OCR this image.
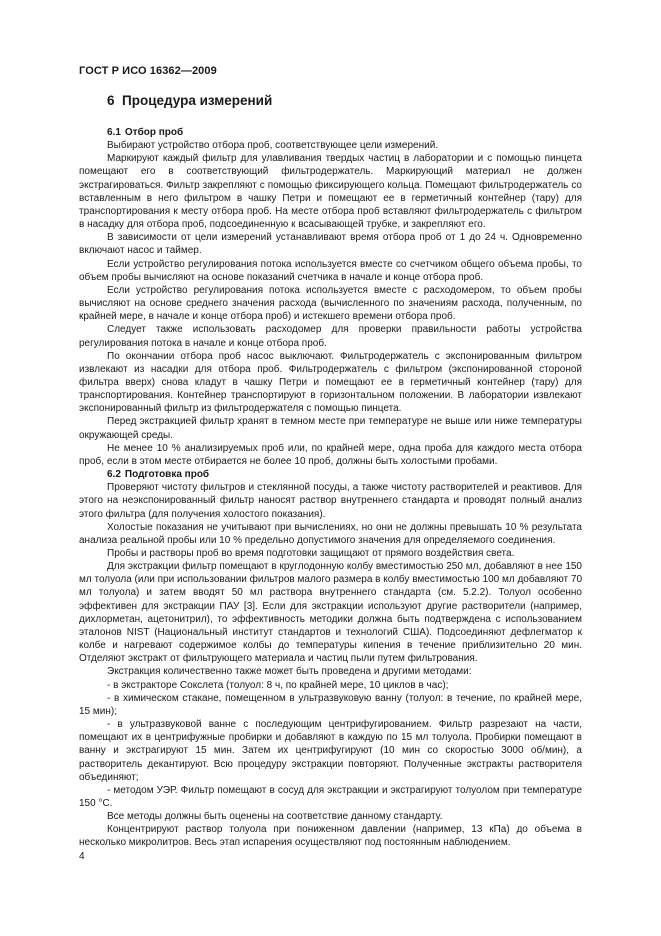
ГОСТ Р ИСО 16362—2009
6 Процедура измерений

6.1 Отбор проб

Выбирают устройство отбора проб, соответствующее цели измерений.

Маркируют каждый фильтр для улавливания твердых частиц в лаборатории и с помощью пинцета помещают его в соответствующий фильтродержатель. Маркирующий материал не должен экстрагироваться. Фильтр закрепляют с помощью фиксирующего кольца. Помещают фильтродержатель со вставленным в него фильтром в чашку Петри и помещают ее в герметичный контейнер (тару) для транспортирования к месту отбора проб. На месте отбора проб вставляют фильтродержатель с фильтром в насадку для отбора проб, подсоединенную к всасывающей трубке, и закрепляют его.

В зависимости от цели измерений устанавливают время отбора проб от 1 до 24 ч. Одновременно включают насос и таймер.

Если устройство регулирования потока используется вместе со счетчиком общего объема пробы, то объем пробы вычисляют на основе показаний счетчика в начале и конце отбора проб.

Если устройство регулирования потока используется вместе с расходомером, то объем пробы вычисляют на основе среднего значения расхода (вычисленного по значениям расхода, полученным, по крайней мере, в начале и конце отбора проб) и истекшего времени отбора проб.

Следует также использовать расходомер для проверки правильности работы устройства регулирования потока в начале и конце отбора проб.

По окончании отбора проб насос выключают. Фильтродержатель с экспонированным фильтром извлекают из насадки для отбора проб. Фильтродержатель с фильтром (экспонированной стороной фильтра вверх) снова кладут в чашку Петри и помещают ее в герметичный контейнер (тару) для транспортирования. Контейнер транспортируют в горизонтальном положении. В лаборатории извлекают экспонированный фильтр из фильтродержателя с помощью пинцета.

Перед экстракцией фильтр хранят в темном месте при температуре не выше или ниже температуры окружающей среды.

Не менее 10 % анализируемых проб или, по крайней мере, одна проба для каждого места отбора проб, если в этом месте отбирается не более 10 проб, должны быть холостыми пробами.

6.2 Подготовка проб

Проверяют чистоту фильтров и стеклянной посуды, а также чистоту растворителей и реактивов. Для этого на неэкспонированный фильтр наносят раствор внутреннего стандарта и проводят полный анализ этого фильтра (для получения холостого показания).

Холостые показания не учитывают при вычислениях, но они не должны превышать 10 % результата анализа реальной пробы или 10 % предельно допустимого значения для определяемого соединения.

Пробы и растворы проб во время подготовки защищают от прямого воздействия света.

Для экстракции фильтр помещают в круглодонную колбу вместимостью 250 мл, добавляют в нее 150 мл толуола (или при использовании фильтров малого размера в колбу вместимостью 100 мл добавляют 70 мл толуола) и затем вводят 50 мл раствора внутреннего стандарта (см. 5.2.2). Толуол особенно эффективен для экстракции ПАУ [3]. Если для экстракции используют другие растворители (например, дихлорметан, ацетонитрил), то эффективность методики должна быть подтверждена с использованием эталонов NIST (Национальный институт стандартов и технологий США). Подсоединяют дефлегматор к колбе и нагревают содержимое колбы до температуры кипения в течение приблизительно 20 мин. Отделяют экстракт от фильтрующего материала и частиц пыли путем фильтрования.

Экстракция количественно также может быть проведена и другими методами:

- в экстракторе Сокслета (толуол: 8 ч, по крайней мере, 10 циклов в час);

- в химическом стакане, помещенном в ультразвуковую ванну (толуол: в течение, по крайней мере, 15 мин);

- в ультразвуковой ванне с последующим центрифугированием. Фильтр разрезают на части, помещают их в центрифужные пробирки и добавляют в каждую по 15 мл толуола. Пробирки помещают в ванну и экстрагируют 15 мин. Затем их центрифугируют (10 мин со скоростью 3000 об/мин), а растворитель декантируют. Всю процедуру экстракции повторяют. Полученные экстракты растворителя объединяют;

- методом УЭР. Фильтр помещают в сосуд для экстракции и экстрагируют толуолом при температуре 150 °С.

Все методы должны быть оценены на соответствие данному стандарту.

Концентрируют раствор толуола при пониженном давлении (например, 13 кПа) до объема в несколько микролитров. Весь этап испарения осуществляют под постоянным наблюдением.

4
